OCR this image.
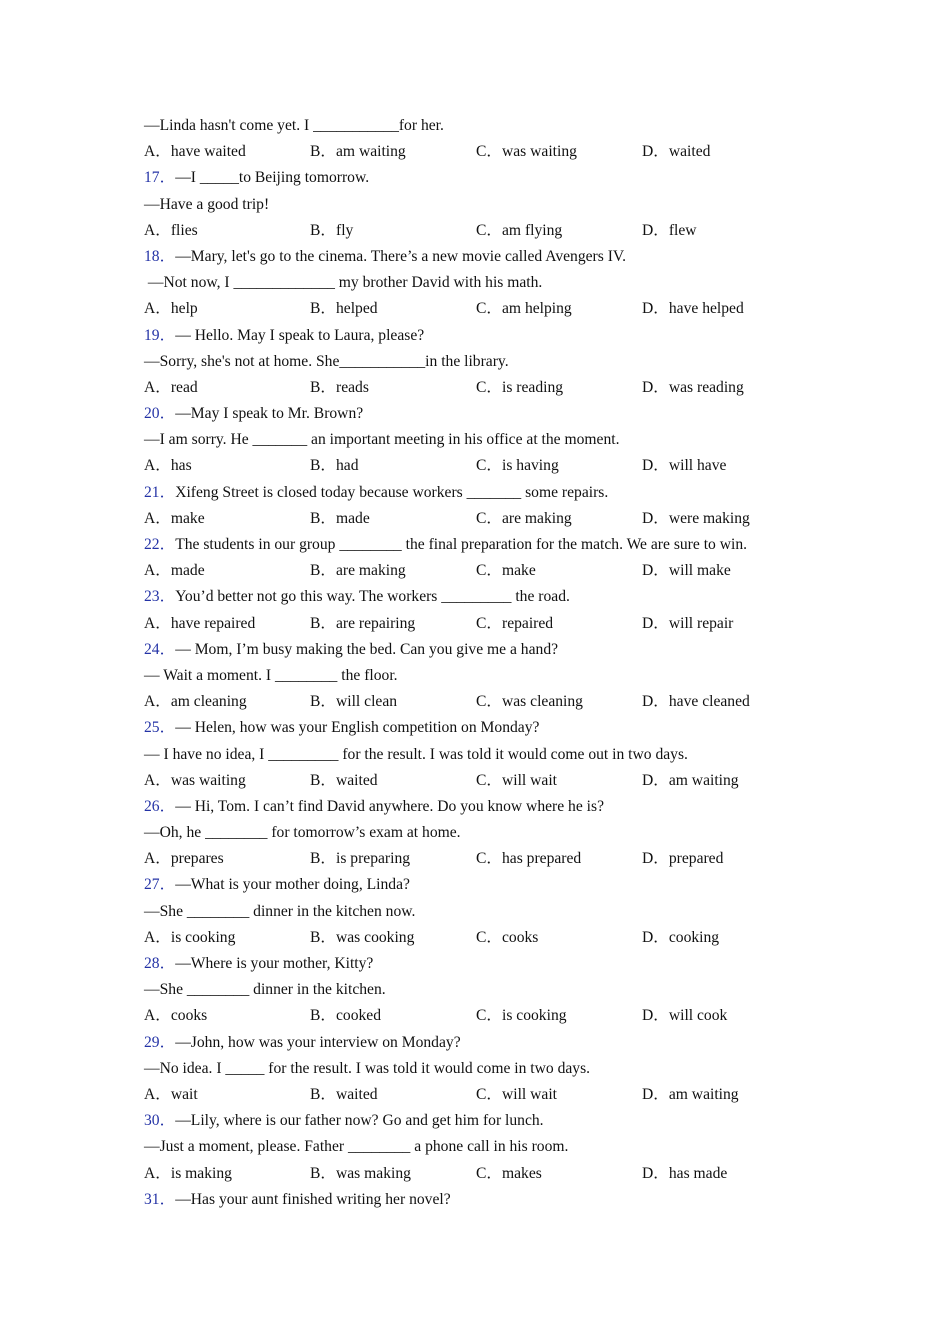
—Linda hasn't come yet. I ___________for her.
A．have waited	B．am waiting	C．was waiting	D．waited
17．—I _____to Beijing tomorrow.
—Have a good trip!
A．flies	B．fly	C．am flying	D．flew
18．—Mary, let's go to the cinema. There’s a new movie called Avengers IV.
—Not now, I _____________ my brother David with his math.
A．help	B．helped	C．am helping	D．have helped
19．— Hello. May I speak to Laura, please?
—Sorry, she's not at home. She___________in the library.
A．read	B．reads	C．is reading	D．was reading
20．—May I speak to Mr. Brown?
—I am sorry. He _______ an important meeting in his office at the moment.
A．has	B．had	C．is having	D．will have
21．Xifeng Street is closed today because workers _______ some repairs.
A．make	B．made	C．are making	D．were making
22．The students in our group ________ the final preparation for the match. We are sure to win.
A．made	B．are making	C．make	D．will make
23．You’d better not go this way. The workers _________ the road.
A．have repaired	B．are repairing	C．repaired	D．will repair
24．— Mom, I’m busy making the bed. Can you give me a hand?
— Wait a moment. I ________ the floor.
A．am cleaning	B．will clean	C．was cleaning	D．have cleaned
25．— Helen, how was your English competition on Monday?
— I have no idea, I _________ for the result. I was told it would come out in two days.
A．was waiting	B．waited	C．will wait	D．am waiting
26．— Hi, Tom. I can’t find David anywhere. Do you know where he is?
—Oh, he ________ for tomorrow’s exam at home.
A．prepares	B．is preparing	C．has prepared	D．prepared
27．—What is your mother doing, Linda?
—She ________ dinner in the kitchen now.
A．is cooking	B．was cooking	C．cooks	D．cooking
28．—Where is your mother, Kitty?
—She ________ dinner in the kitchen.
A．cooks	B．cooked	C．is cooking	D．will cook
29．—John, how was your interview on Monday?
—No idea. I _____ for the result. I was told it would come in two days.
A．wait	B．waited	C．will wait	D．am waiting
30．—Lily, where is our father now? Go and get him for lunch.
—Just a moment, please. Father ________ a phone call in his room.
A．is making	B．was making	C．makes	D．has made
31．—Has your aunt finished writing her novel?
